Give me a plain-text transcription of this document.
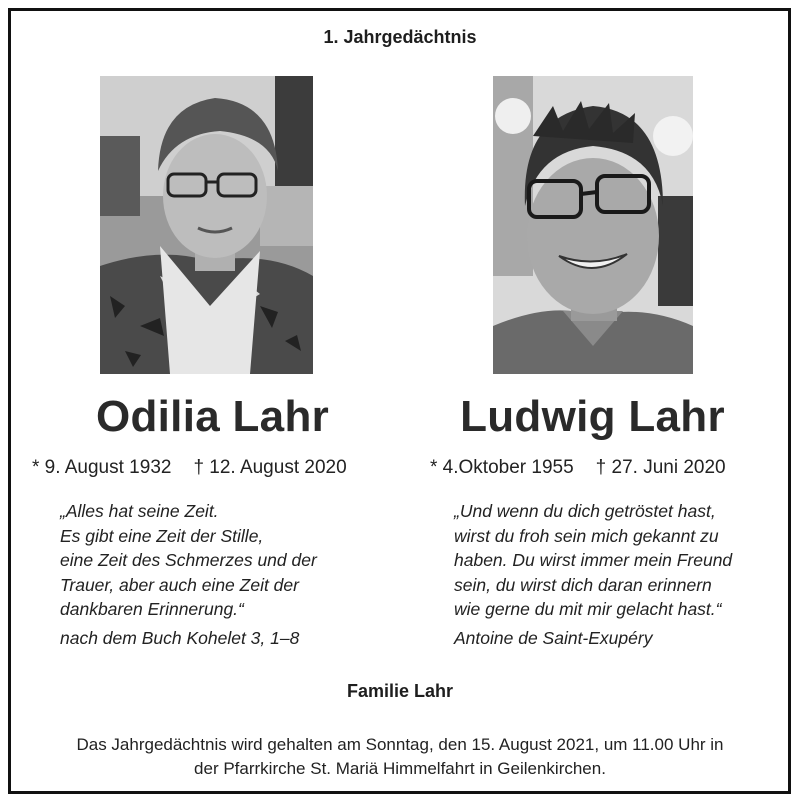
1. Jahrgedächtnis
Odilia Lahr	Ludwig Lahr
* 9. August 1932 † 12. August 2020	* 4.Oktober 1955 † 27. Juni 2020
„Alles hat seine Zeit.
Es gibt eine Zeit der Stille,
eine Zeit des Schmerzes und der
Trauer, aber auch eine Zeit der
dankbaren Erinnerung.“
nach dem Buch Kohelet 3, 1–8
„Und wenn du dich getröstet hast,
wirst du froh sein mich gekannt zu
haben. Du wirst immer mein Freund
sein, du wirst dich daran erinnern
wie gerne du mit mir gelacht hast.“
Antoine de Saint-Exupéry
Familie Lahr
Das Jahrgedächtnis wird gehalten am Sonntag, den 15. August 2021, um 11.00 Uhr in
der Pfarrkirche St. Mariä Himmelfahrt in Geilenkirchen.
